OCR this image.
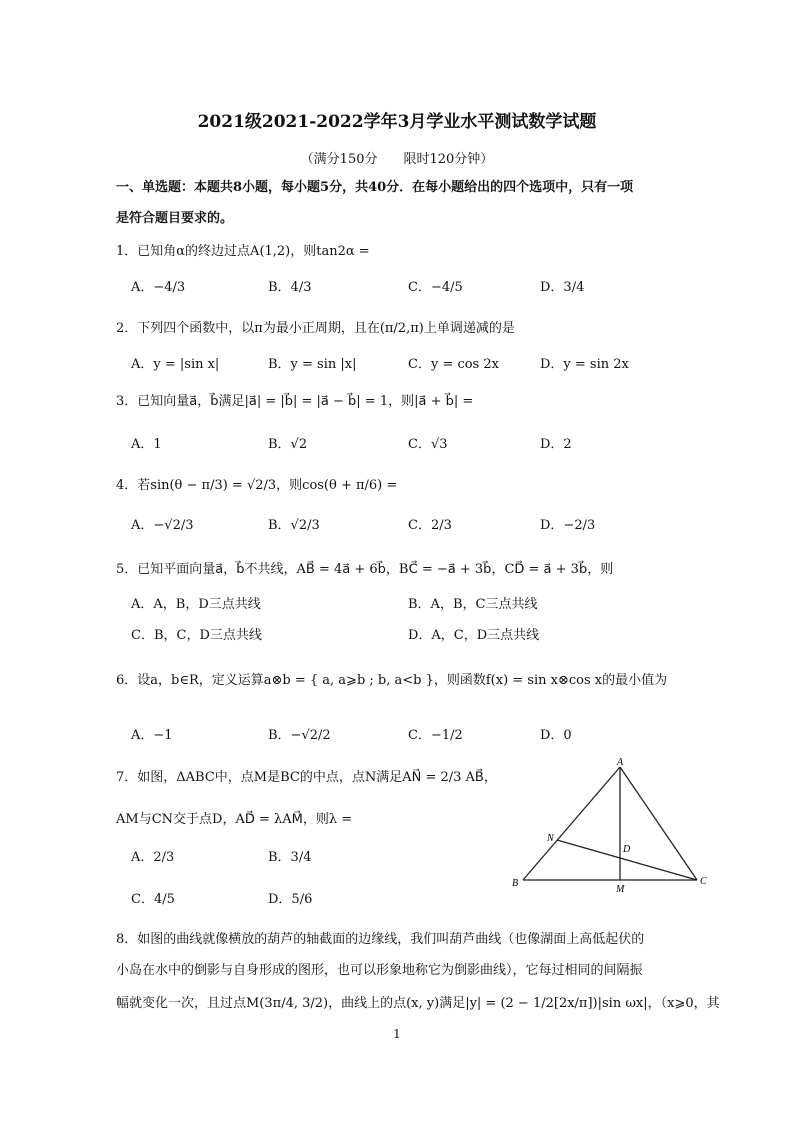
2021级2021-2022学年3月学业水平测试数学试题
（满分150分　　限时120分钟）
一、单选题：本题共8小题，每小题5分，共40分．在每小题给出的四个选项中，只有一项
是符合题目要求的。
1．已知角α的终边过点A(1,2)，则tan2α =
A．−4/3	B．4/3	C．−4/5	D．3/4
2．下列四个函数中，以π为最小正周期，且在(π/2,π)上单调递减的是
A．y = |sin x|	B．y = sin |x|	C．y = cos 2x	D．y = sin 2x
3．已知向量a⃗，b⃗满足|a⃗| = |b⃗| = |a⃗ − b⃗| = 1，则|a⃗ + b⃗| =
A．1	B．√2	C．√3	D．2
4．若sin(θ − π/3) = √2/3，则cos(θ + π/6) =
A．−√2/3	B．√2/3	C．2/3	D．−2/3
5．已知平面向量a⃗，b⃗不共线，AB⃗ = 4a⃗ + 6b⃗，BC⃗ = −a⃗ + 3b⃗，CD⃗ = a⃗ + 3b⃗，则
A．A，B，D三点共线	B．A，B，C三点共线
C．B，C，D三点共线	D．A，C，D三点共线
6．设a，b∈R，定义运算a⊗b = { a, a⩾b ; b, a<b }，则函数f(x) = sin x⊗cos x的最小值为
A．−1	B．−√2/2	C．−1/2	D．0
7．如图，ΔABC中，点M是BC的中点，点N满足AN⃗ = 2/3 AB⃗，
AM与CN交于点D，AD⃗ = λAM⃗，则λ =
A．2/3	B．3/4
C．4/5	D．5/6
A
B	C
M
N
D
8．如图的曲线就像横放的葫芦的轴截面的边缘线，我们叫葫芦曲线（也像湖面上高低起伏的
小岛在水中的倒影与自身形成的图形，也可以形象地称它为倒影曲线），它每过相同的间隔振
幅就变化一次，且过点M(3π/4, 3/2)，曲线上的点(x, y)满足|y| = (2 − 1/2[2x/π])|sin ωx|，（x⩾0，其
1
